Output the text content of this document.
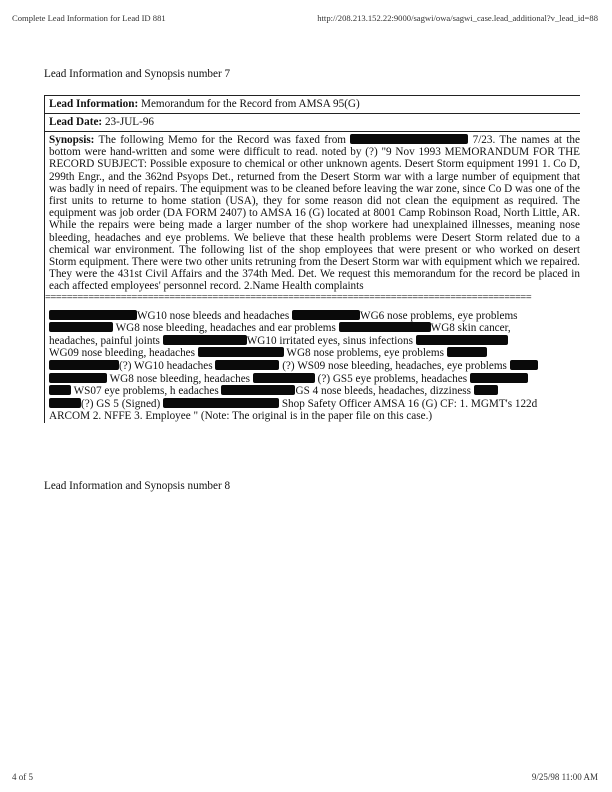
Complete Lead Information for Lead ID 881	http://208.213.152.22:9000/sagwi/owa/sagwi_case.lead_additional?v_lead_id=88
Lead Information and Synopsis number 7
Lead Information: Memorandum for the Record from AMSA 95(G)
Lead Date: 23-JUL-96
Synopsis: The following Memo for the Record was faxed from	7/23. The names at the bottom were hand-written and some were difficult to read. noted by (?) "9 Nov 1993 MEMORANDUM FOR THE RECORD SUBJECT: Possible exposure to chemical or other unknown agents. Desert Storm equipment 1991 1. Co D, 299th Engr., and the 362nd Psyops Det., returned from the Desert Storm war with a large number of equipment that was badly in need of repairs. The equipment was to be cleaned before leaving the war zone, since Co D was one of the first units to returne to home station (USA), they for some reason did not clean the equipment as required. The equipment was job order (DA FORM 2407) to AMSA 16 (G) located at 8001 Camp Robinson Road, North Little, AR. While the repairs were being made a larger number of the shop workere had unexplained illnesses, meaning nose bleeding, headaches and eye problems. We believe that these health problems were Desert Storm related due to a chemical war environment. The following list of the shop employees that were present or who worked on desert Storm equipment. There were two other units retruning from the Desert Storm war with equipment which we repaired. They were the 431st Civil Affairs and the 374th Med. Det. We request this memorandum for the record be placed in each affected employees' personnel record. 2.Name Health complaints
==========================================================================================
WG10 nose bleeds and headaches	WG6 nose problems, eye problems
WG8 nose bleeding, headaches and ear problems	WG8 skin cancer,
headaches, painful joints	WG10 irritated eyes, sinus infections
WG09 nose bleeding, headaches	WG8 nose problems, eye problems
(?) WG10 headaches	(?) WS09 nose bleeding, headaches, eye problems
WG8 nose bleeding, headaches	(?) GS5 eye problems, headaches
WS07 eye problems, h eadaches	GS 4 nose bleeds, headaches, dizziness
(?) GS 5 (Signed)	Shop Safety Officer AMSA 16 (G) CF: 1. MGMT's 122d
ARCOM 2. NFFE 3. Employee " (Note: The original is in the paper file on this case.)
Lead Information and Synopsis number 8
4 of 5	9/25/98 11:00 AM
